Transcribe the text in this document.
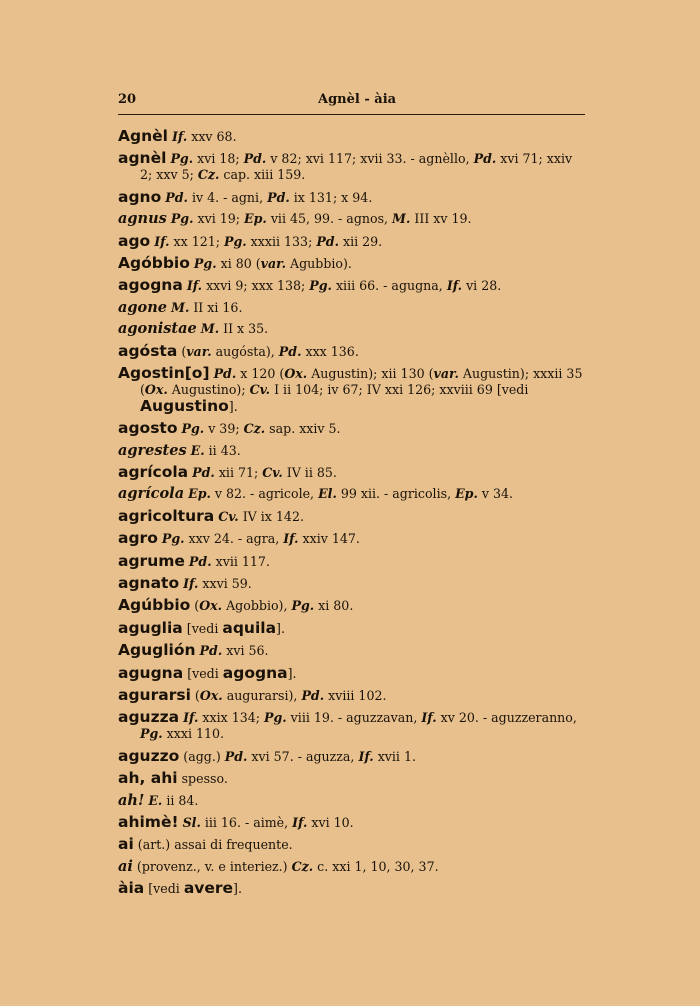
20	Agnèl - àia
Agnèl If. xxv 68.
agnèl Pg. xvi 18; Pd. v 82; xvi 117; xvii 33. - agnèllo, Pd. xvi 71; xxiv 2; xxv 5; Cz. cap. xiii 159.
agno Pd. iv 4. - agni, Pd. ix 131; x 94.
agnus Pg. xvi 19; Ep. vii 45, 99. - agnos, M. III xv 19.
ago If. xx 121; Pg. xxxii 133; Pd. xii 29.
Agóbbio Pg. xi 80 (var. Agubbio).
agogna If. xxvi 9; xxx 138; Pg. xiii 66. - agugna, If. vi 28.
agone M. II xi 16.
agonistae M. II x 35.
agósta (var. augósta), Pd. xxx 136.
Agostin[o] Pd. x 120 (Ox. Augustin); xii 130 (var. Augustin); xxxii 35 (Ox. Augustino); Cv. I ii 104; iv 67; IV xxi 126; xxviii 69 [vedi Augustino].
agosto Pg. v 39; Cz. sap. xxiv 5.
agrestes E. ii 43.
agrícola Pd. xii 71; Cv. IV ii 85.
agrícola Ep. v 82. - agricole, El. 99 xii. - agricolis, Ep. v 34.
agricoltura Cv. IV ix 142.
agro Pg. xxv 24. - agra, If. xxiv 147.
agrume Pd. xvii 117.
agnato If. xxvi 59.
Agúbbio (Ox. Agobbio), Pg. xi 80.
aguglia [vedi aquila].
Aguglión Pd. xvi 56.
agugna [vedi agogna].
agurarsi (Ox. augurarsi), Pd. xviii 102.
aguzza If. xxix 134; Pg. viii 19. - aguzzavan, If. xv 20. - aguzzeranno, Pg. xxxi 110.
aguzzo (agg.) Pd. xvi 57. - aguzza, If. xvii 1.
ah, ahi spesso.
ah! E. ii 84.
ahimè! Sl. iii 16. - aimè, If. xvi 10.
ai (art.) assai di frequente.
ai (provenz., v. e interiez.) Cz. c. xxi 1, 10, 30, 37.
àia [vedi avere].
